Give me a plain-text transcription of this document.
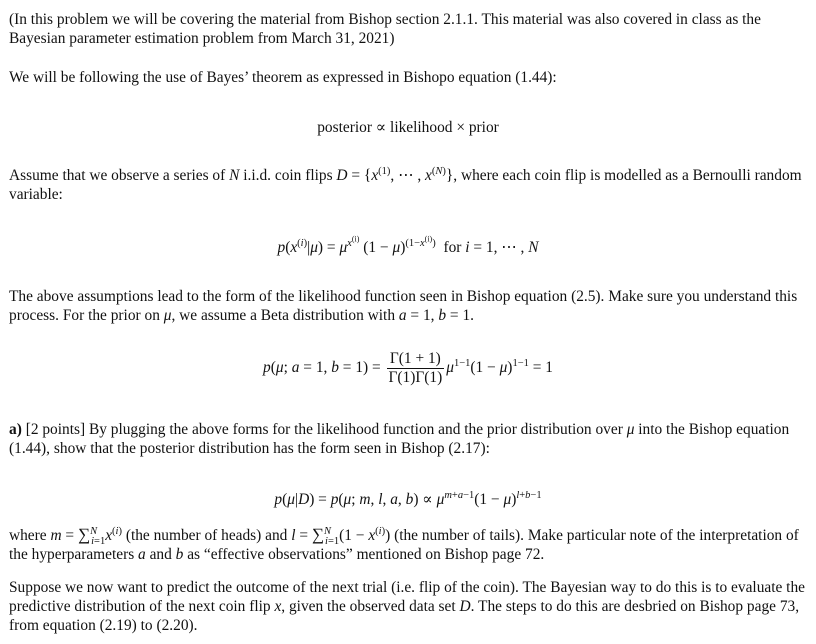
(In this problem we will be covering the material from Bishop section 2.1.1. This material was also covered in class as the Bayesian parameter estimation problem from March 31, 2021)
We will be following the use of Bayes’ theorem as expressed in Bishopo equation (1.44):
posterior ∝ likelihood × prior
Assume that we observe a series of N i.i.d. coin flips $D = \{x^{(1)}$, ⋯ , $x^{(N)}$}, where each coin flip is modelled as a Bernoulli random variable:
$p(x^{(i)}|\mu) = \mu^{x^{(i)}}$ $(1 - \mu)^{(1-x^{(i)})}$ for i = 1, ⋯ , N
The above assumptions lead to the form of the likelihood function seen in Bishop equation (2.5). Make sure you understand this process. For the prior on μ, we assume a Beta distribution with a = 1, b = 1.
p(μ; a = 1, $b = 1) = \frac{\Gamma(1 + 1)}{\Gamma(1)\Gamma(1)} \mu^{1-1}(1 - \mu)^{1-1} = 1$
a) [2 points] By plugging the above forms for the likelihood function and the prior distribution over μ into the Bishop equation (1.44), show that the posterior distribution has the form seen in Bishop (2.17):
p(μ|D) = p(μ; m, l, a, $b) \propto \mu^{m+a-1}(1 - \mu)^{l+b-1}$
where $m = \sum^N_{i=1}x^{(i)}$ (the number of heads) and $l = \sum^N_{i=1}(1 - x^{(i)})$ (the number of tails). Make particular note of the interpretation of the hyperparameters a and b as “effective observations” mentioned on Bishop page 72.
Suppose we now want to predict the outcome of the next trial (i.e. flip of the coin). The Bayesian way to do this is to evaluate the predictive distribution of the next coin flip x, given the observed data set D. The steps to do this are desbried on Bishop page 73, from equation (2.19) to (2.20).
